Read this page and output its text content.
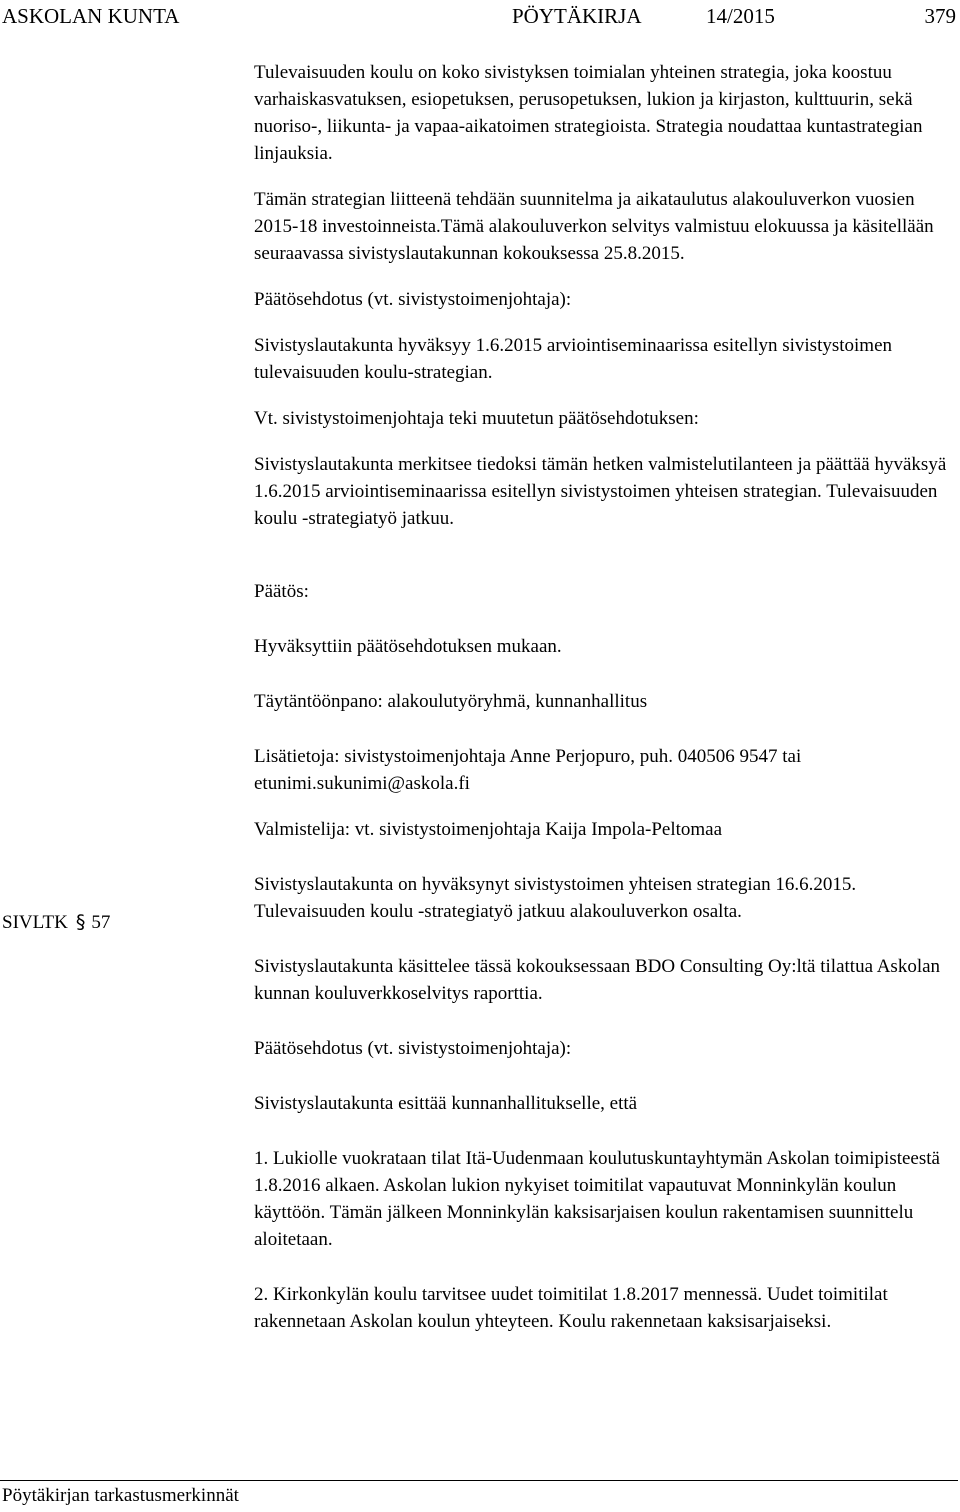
ASKOLAN KUNTA	PÖYTÄKIRJA	14/2015	379
SIVLTK § 57

Tulevaisuuden koulu on koko sivistyksen toimialan yhteinen strategia, joka koostuu varhaiskasvatuksen, esiopetuksen, perusopetuksen, lukion ja kirjaston, kulttuurin, sekä nuoriso-, liikunta- ja vapaa-aikatoimen strategioista. Strategia noudattaa kuntastrategian linjauksia.

Tämän strategian liitteenä tehdään suunnitelma ja aikataulutus alakouluverkon vuosien 2015-18 investoinneista.Tämä alakouluverkon selvitys valmistuu elokuussa ja käsitellään seuraavassa sivistyslautakunnan kokouksessa 25.8.2015.

Päätösehdotus (vt. sivistystoimenjohtaja):

Sivistyslautakunta hyväksyy 1.6.2015 arviointiseminaarissa esitellyn sivistystoimen tulevaisuuden koulu-strategian.

Vt. sivistystoimenjohtaja teki muutetun päätösehdotuksen:

Sivistyslautakunta merkitsee tiedoksi tämän hetken valmistelutilanteen ja päättää hyväksyä 1.6.2015 arviointiseminaarissa esitellyn sivistystoimen yhteisen strategian. Tulevaisuuden koulu -strategiatyö jatkuu.

Päätös:

Hyväksyttiin päätösehdotuksen mukaan.

Täytäntöönpano: alakoulutyöryhmä, kunnanhallitus

Lisätietoja: sivistystoimenjohtaja Anne Perjopuro, puh. 040506 9547 tai etunimi.sukunimi@askola.fi

Valmistelija: vt. sivistystoimenjohtaja Kaija Impola-Peltomaa

Sivistyslautakunta on hyväksynyt sivistystoimen yhteisen strategian 16.6.2015. Tulevaisuuden koulu -strategiatyö jatkuu alakouluverkon osalta.

Sivistyslautakunta käsittelee tässä kokouksessaan BDO Consulting Oy:ltä tilattua Askolan kunnan kouluverkkoselvitys raporttia.

Päätösehdotus (vt. sivistystoimenjohtaja):

Sivistyslautakunta esittää kunnanhallitukselle, että

1. Lukiolle vuokrataan tilat Itä-Uudenmaan koulutuskuntayhtymän Askolan toimipisteestä 1.8.2016 alkaen. Askolan lukion nykyiset toimitilat vapautuvat Monninkylän koulun käyttöön. Tämän jälkeen Monninkylän kaksisarjaisen koulun rakentamisen suunnittelu aloitetaan.

2. Kirkonkylän koulu tarvitsee uudet toimitilat 1.8.2017 mennessä. Uudet toimitilat rakennetaan Askolan koulun yhteyteen. Koulu rakennetaan kaksisarjaiseksi.

Pöytäkirjan tarkastusmerkinnät
